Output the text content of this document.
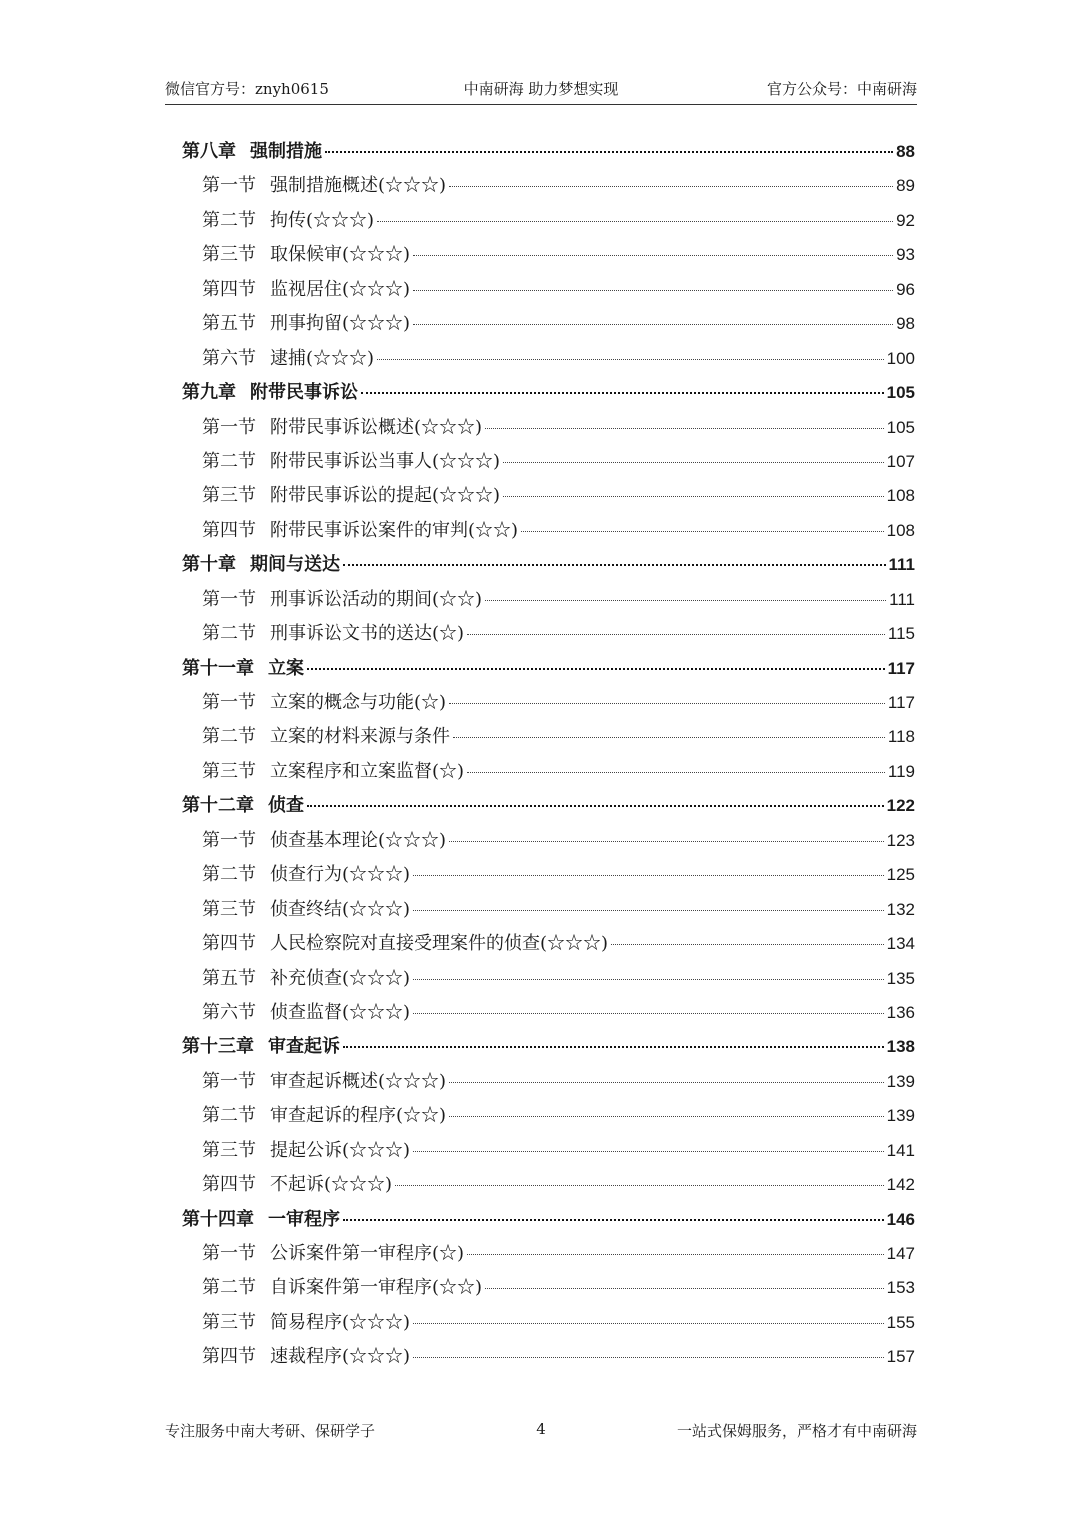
微信官方号：znyh0615	中南研海 助力梦想实现	官方公众号：中南研海
第八章 强制措施	88
第一节 强制措施概述(☆☆☆)	89
第二节 拘传(☆☆☆)	92
第三节 取保候审(☆☆☆)	93
第四节 监视居住(☆☆☆)	96
第五节 刑事拘留(☆☆☆)	98
第六节 逮捕(☆☆☆)	100
第九章 附带民事诉讼	105
第一节 附带民事诉讼概述(☆☆☆)	105
第二节 附带民事诉讼当事人(☆☆☆)	107
第三节 附带民事诉讼的提起(☆☆☆)	108
第四节 附带民事诉讼案件的审判(☆☆)	108
第十章 期间与送达	111
第一节 刑事诉讼活动的期间(☆☆)	111
第二节 刑事诉讼文书的送达(☆)	115
第十一章 立案	117
第一节 立案的概念与功能(☆)	117
第二节 立案的材料来源与条件	118
第三节 立案程序和立案监督(☆)	119
第十二章 侦查	122
第一节 侦查基本理论(☆☆☆)	123
第二节 侦查行为(☆☆☆)	125
第三节 侦查终结(☆☆☆)	132
第四节 人民检察院对直接受理案件的侦查(☆☆☆)	134
第五节 补充侦查(☆☆☆)	135
第六节 侦查监督(☆☆☆)	136
第十三章 审查起诉	138
第一节 审查起诉概述(☆☆☆)	139
第二节 审查起诉的程序(☆☆)	139
第三节 提起公诉(☆☆☆)	141
第四节 不起诉(☆☆☆)	142
第十四章 一审程序	146
第一节 公诉案件第一审程序(☆)	147
第二节 自诉案件第一审程序(☆☆)	153
第三节 简易程序(☆☆☆)	155
第四节 速裁程序(☆☆☆)	157
专注服务中南大考研、保研学子	4	一站式保姆服务，严格才有中南研海
